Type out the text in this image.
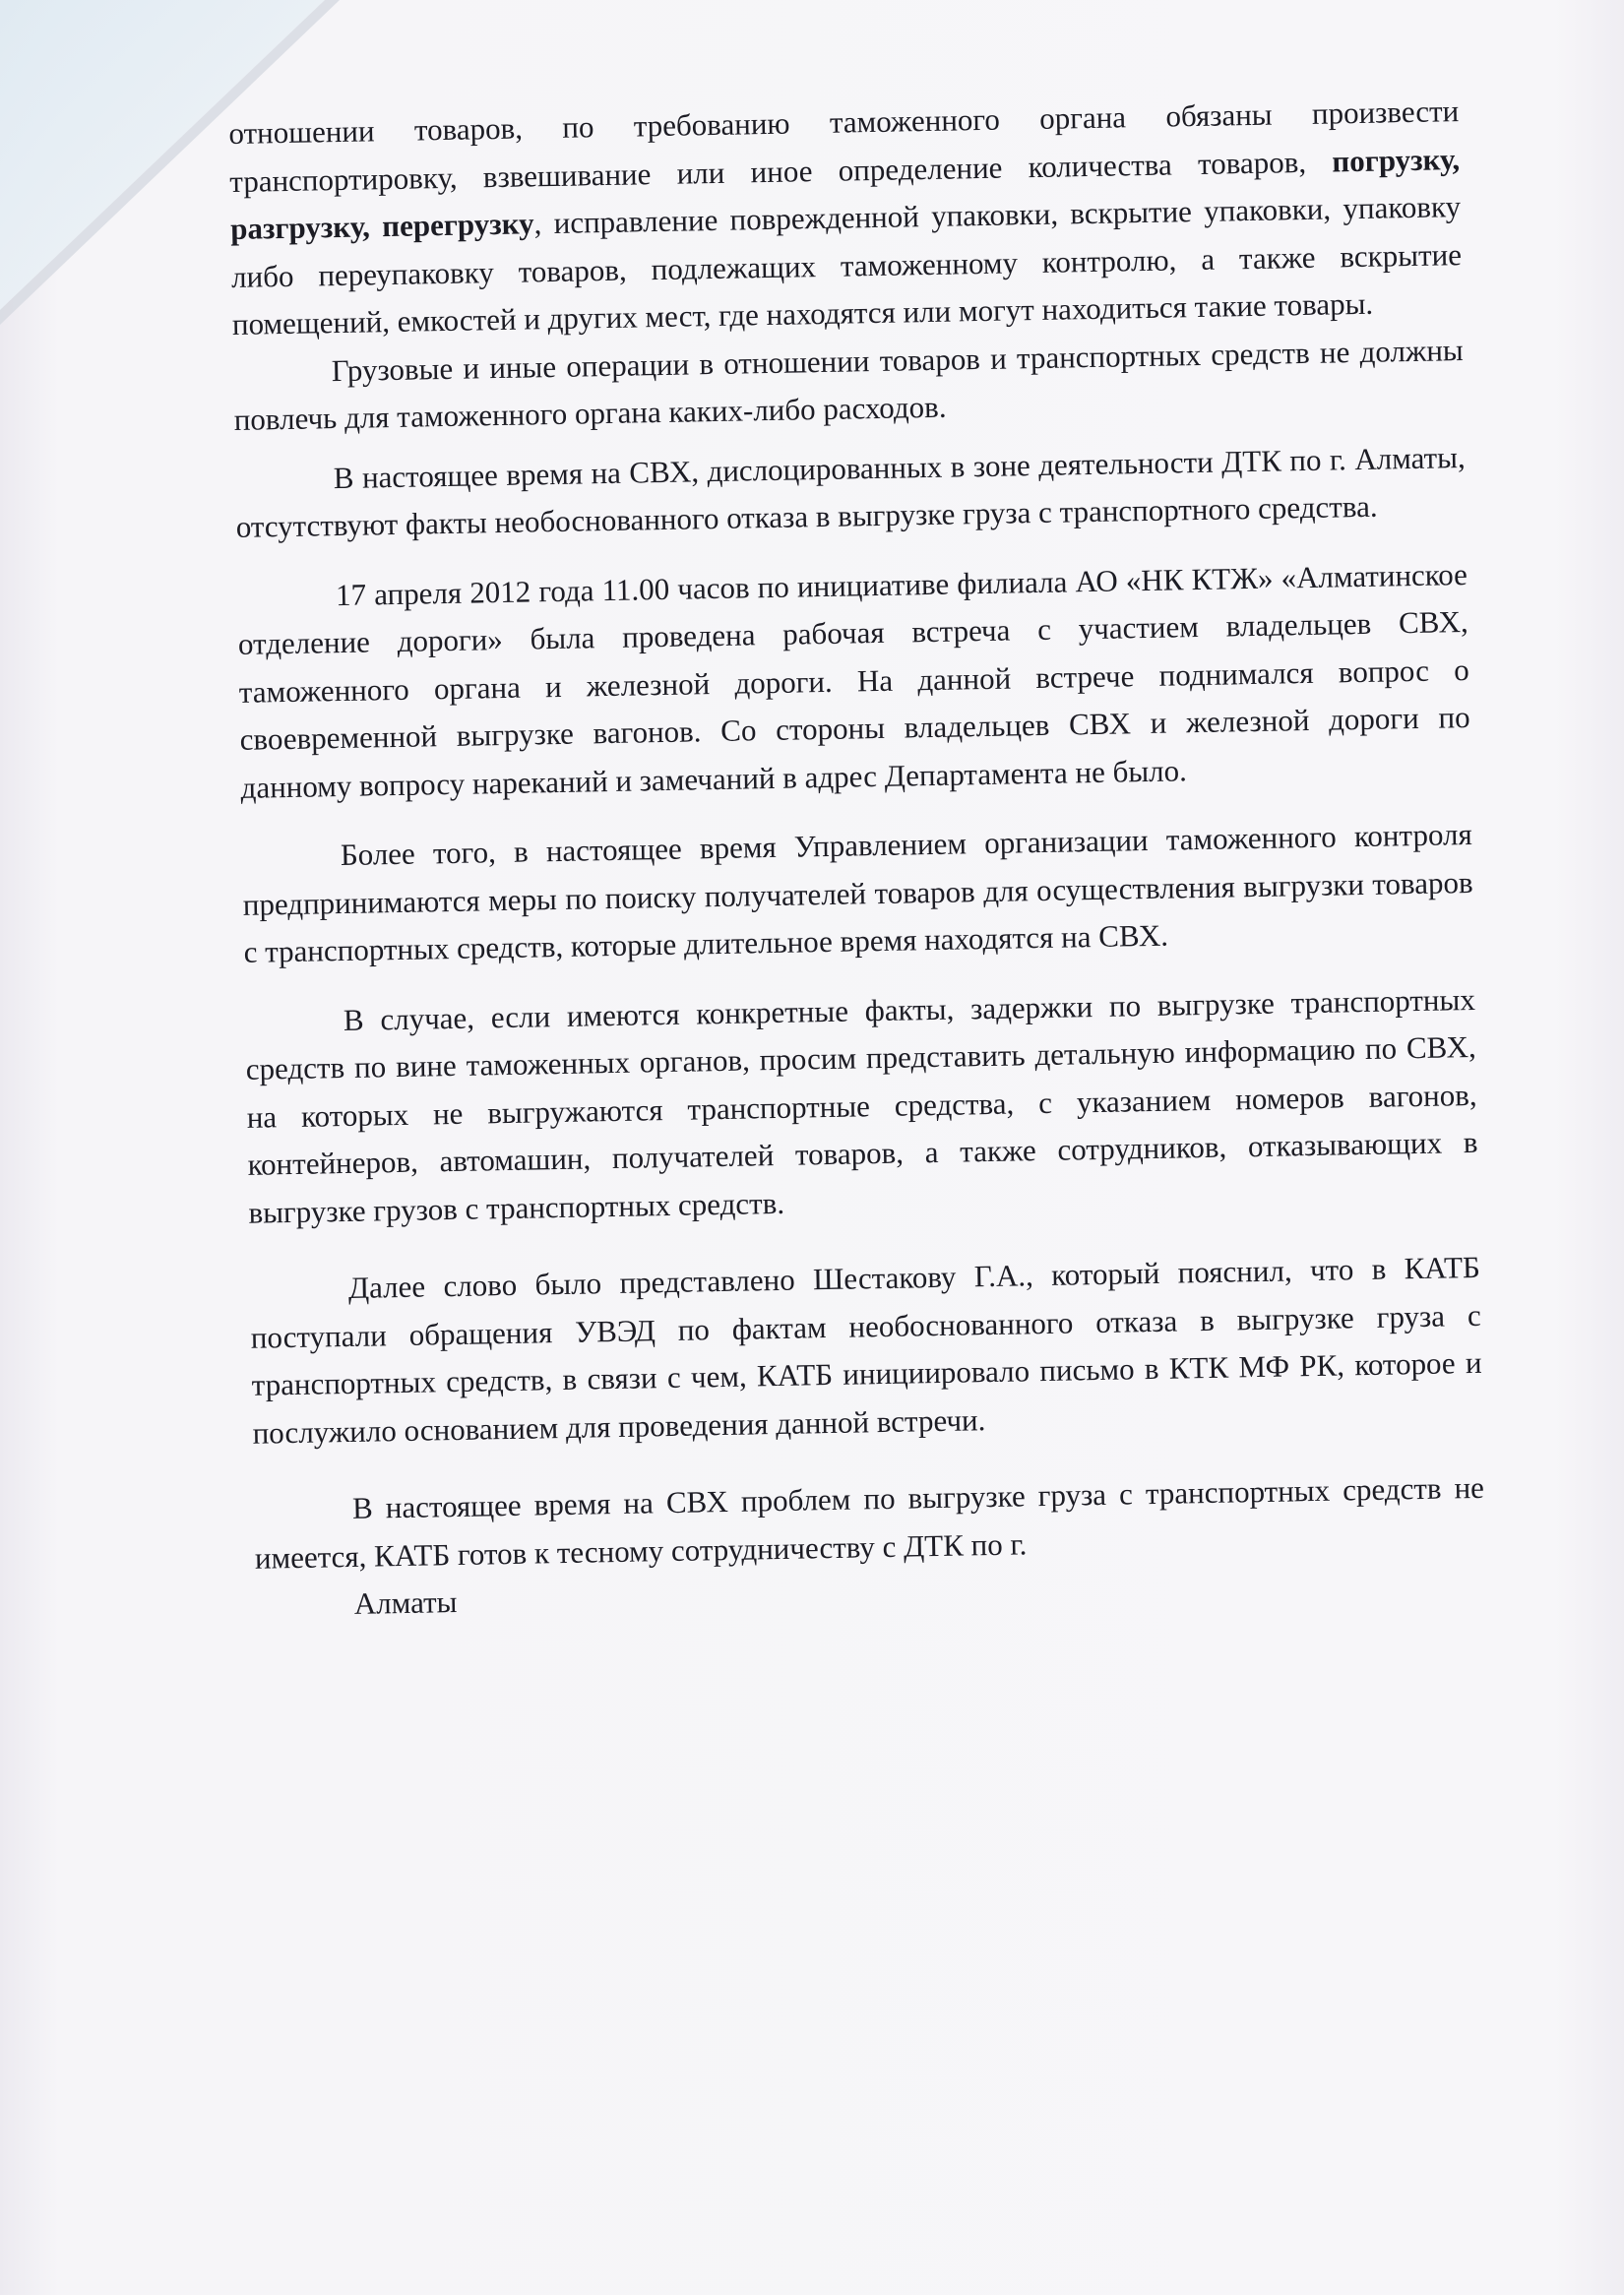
отношении товаров, по требованию таможенного органа обязаны произвести транспортировку, взвешивание или иное определение количества товаров, погрузку, разгрузку, перегрузку, исправление поврежденной упаковки, вскрытие упаковки, упаковку либо переупаковку товаров, подлежащих таможенному контролю, а также вскрытие помещений, емкостей и других мест, где находятся или могут находиться такие товары.

Грузовые и иные операции в отношении товаров и транспортных средств не должны повлечь для таможенного органа каких-либо расходов.

В настоящее время на СВХ, дислоцированных в зоне деятельности ДТК по г. Алматы, отсутствуют факты необоснованного отказа в выгрузке груза с транспортного средства.

17 апреля 2012 года 11.00 часов по инициативе филиала АО «НК КТЖ» «Алматинское отделение дороги» была проведена рабочая встреча с участием владельцев СВХ, таможенного органа и железной дороги. На данной встрече поднимался вопрос о своевременной выгрузке вагонов. Со стороны владельцев СВХ и железной дороги по данному вопросу нареканий и замечаний в адрес Департамента не было.

Более того, в настоящее время Управлением организации таможенного контроля предпринимаются меры по поиску получателей товаров для осуществления выгрузки товаров с транспортных средств, которые длительное время находятся на СВХ.

В случае, если имеются конкретные факты, задержки по выгрузке транспортных средств по вине таможенных органов, просим представить детальную информацию по СВХ, на которых не выгружаются транспортные средства, с указанием номеров вагонов, контейнеров, автомашин, получателей товаров, а также сотрудников, отказывающих в выгрузке грузов с транспортных средств.

Далее слово было представлено Шестакову Г.А., который пояснил, что в КАТБ поступали обращения УВЭД по фактам необоснованного отказа в выгрузке груза с транспортных средств, в связи с чем, КАТБ инициировало письмо в КТК МФ РК, которое и послужило основанием для проведения данной встречи.

В настоящее время на СВХ проблем по выгрузке груза с транспортных средств не имеется, КАТБ готов к тесному сотрудничеству с ДТК по г.
Алматы
